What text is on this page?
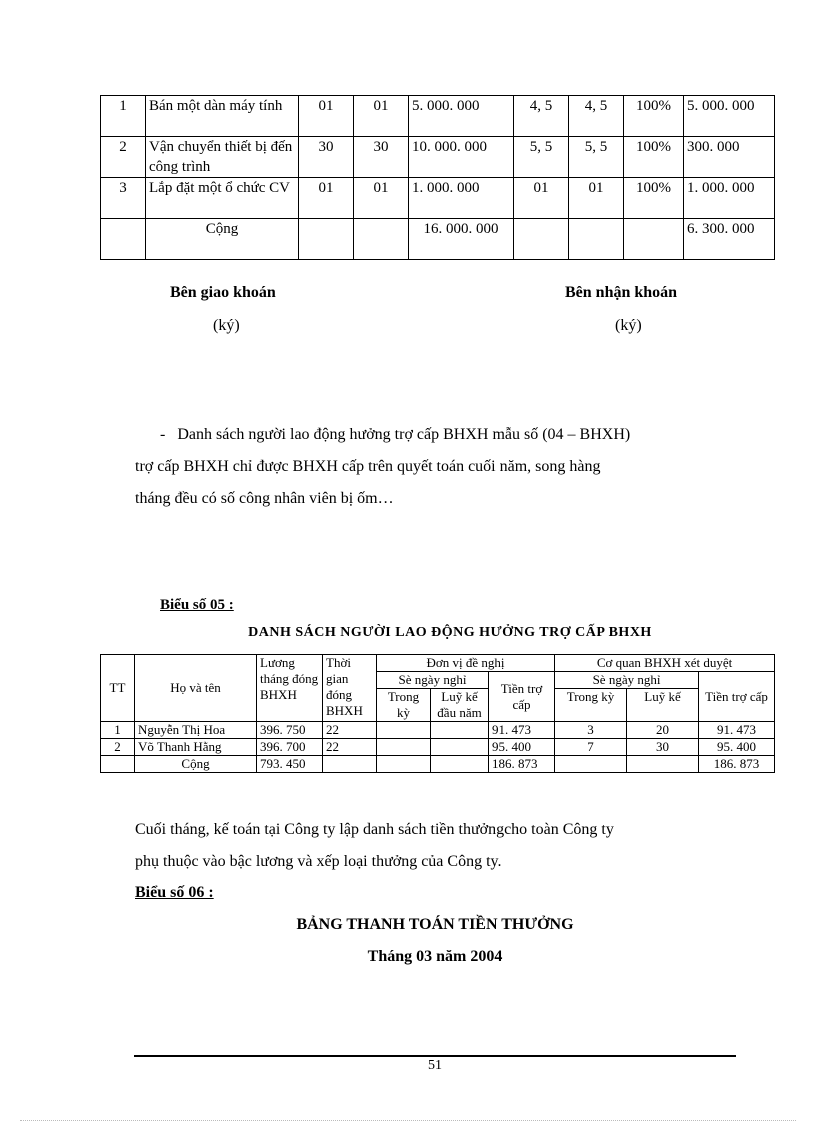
1	Bán một dàn máy tính	01	01	5. 000. 000	4, 5	4, 5	100%	5. 000. 000
2	Vận chuyển thiết bị đến công trình	30	30	10. 000. 000	5, 5	5, 5	100%	300. 000
3	Lắp đặt một ổ chức CV	01	01	1. 000. 000	01	01	100%	1. 000. 000
	Cộng			16. 000. 000				6. 300. 000
Bên giao khoán
(ký)
Bên nhận khoán
(ký)
-   Danh sách người lao động hưởng trợ cấp BHXH mẫu số (04 – BHXH)
trợ cấp BHXH chỉ được BHXH cấp trên quyết toán cuối năm, song hàng
tháng đều có số công nhân viên bị ốm…
Biểu số 05 :
DANH SÁCH NGƯỜI LAO ĐỘNG HƯỞNG TRỢ CẤP BHXH
TT	Họ và tên	Lương tháng đóng BHXH	Thời gian đóng BHXH	Đơn vị đề nghị			Cơ quan BHXH xét duyệt		
				Sè ngày nghỉ		Tiền trợ cấp	Sè ngày nghỉ		Tiền trợ cấp
				Trong kỳ	Luỹ kế đầu năm		Trong kỳ	Luỹ kế	
1	Nguyễn Thị Hoa	396. 750	22			91. 473	3	20	91. 473
2	Võ Thanh Hằng	396. 700	22			95. 400	7	30	95. 400
	Cộng	793. 450				186. 873			186. 873
Cuối tháng, kế toán tại Công ty lập danh sách tiền thưởngcho toàn Công ty
phụ thuộc vào bậc lương và xếp loại thưởng của Công ty.
Biểu số 06 :
BẢNG THANH TOÁN TIỀN THƯỞNG
Tháng 03 năm 2004
51
